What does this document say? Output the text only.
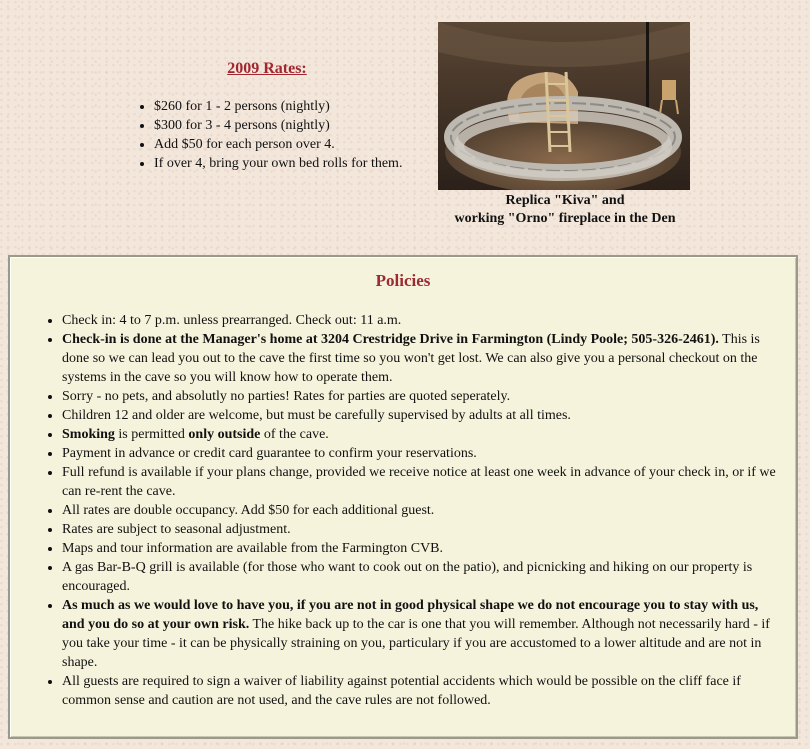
2009 Rates:
• $260 for 1 - 2 persons (nightly)
• $300 for 3 - 4 persons (nightly)
• Add $50 for each person over 4.
• If over 4, bring your own bed rolls for them.
Replica "Kiva" and
working "Orno" fireplace in the Den
Policies
• Check in: 4 to 7 p.m. unless prearranged. Check out: 11 a.m.
• Check-in is done at the Manager's home at 3204 Crestridge Drive in Farmington (Lindy Poole; 505-326-2461). This is done so we can lead you out to the cave the first time so you won't get lost. We can also give you a personal checkout on the systems in the cave so you will know how to operate them.
• Sorry - no pets, and absolutly no parties! Rates for parties are quoted seperately.
• Children 12 and older are welcome, but must be carefully supervised by adults at all times.
• Smoking is permitted only outside of the cave.
• Payment in advance or credit card guarantee to confirm your reservations.
• Full refund is available if your plans change, provided we receive notice at least one week in advance of your check in, or if we can re-rent the cave.
• All rates are double occupancy. Add $50 for each additional guest.
• Rates are subject to seasonal adjustment.
• Maps and tour information are available from the Farmington CVB.
• A gas Bar-B-Q grill is available (for those who want to cook out on the patio), and picnicking and hiking on our property is encouraged.
• As much as we would love to have you, if you are not in good physical shape we do not encourage you to stay with us, and you do so at your own risk. The hike back up to the car is one that you will remember. Although not necessarily hard - if you take your time - it can be physically straining on you, particulary if you are accustomed to a lower altitude and are not in shape.
• All guests are required to sign a waiver of liability against potential accidents which would be possible on the cliff face if common sense and caution are not used, and the cave rules are not followed.
